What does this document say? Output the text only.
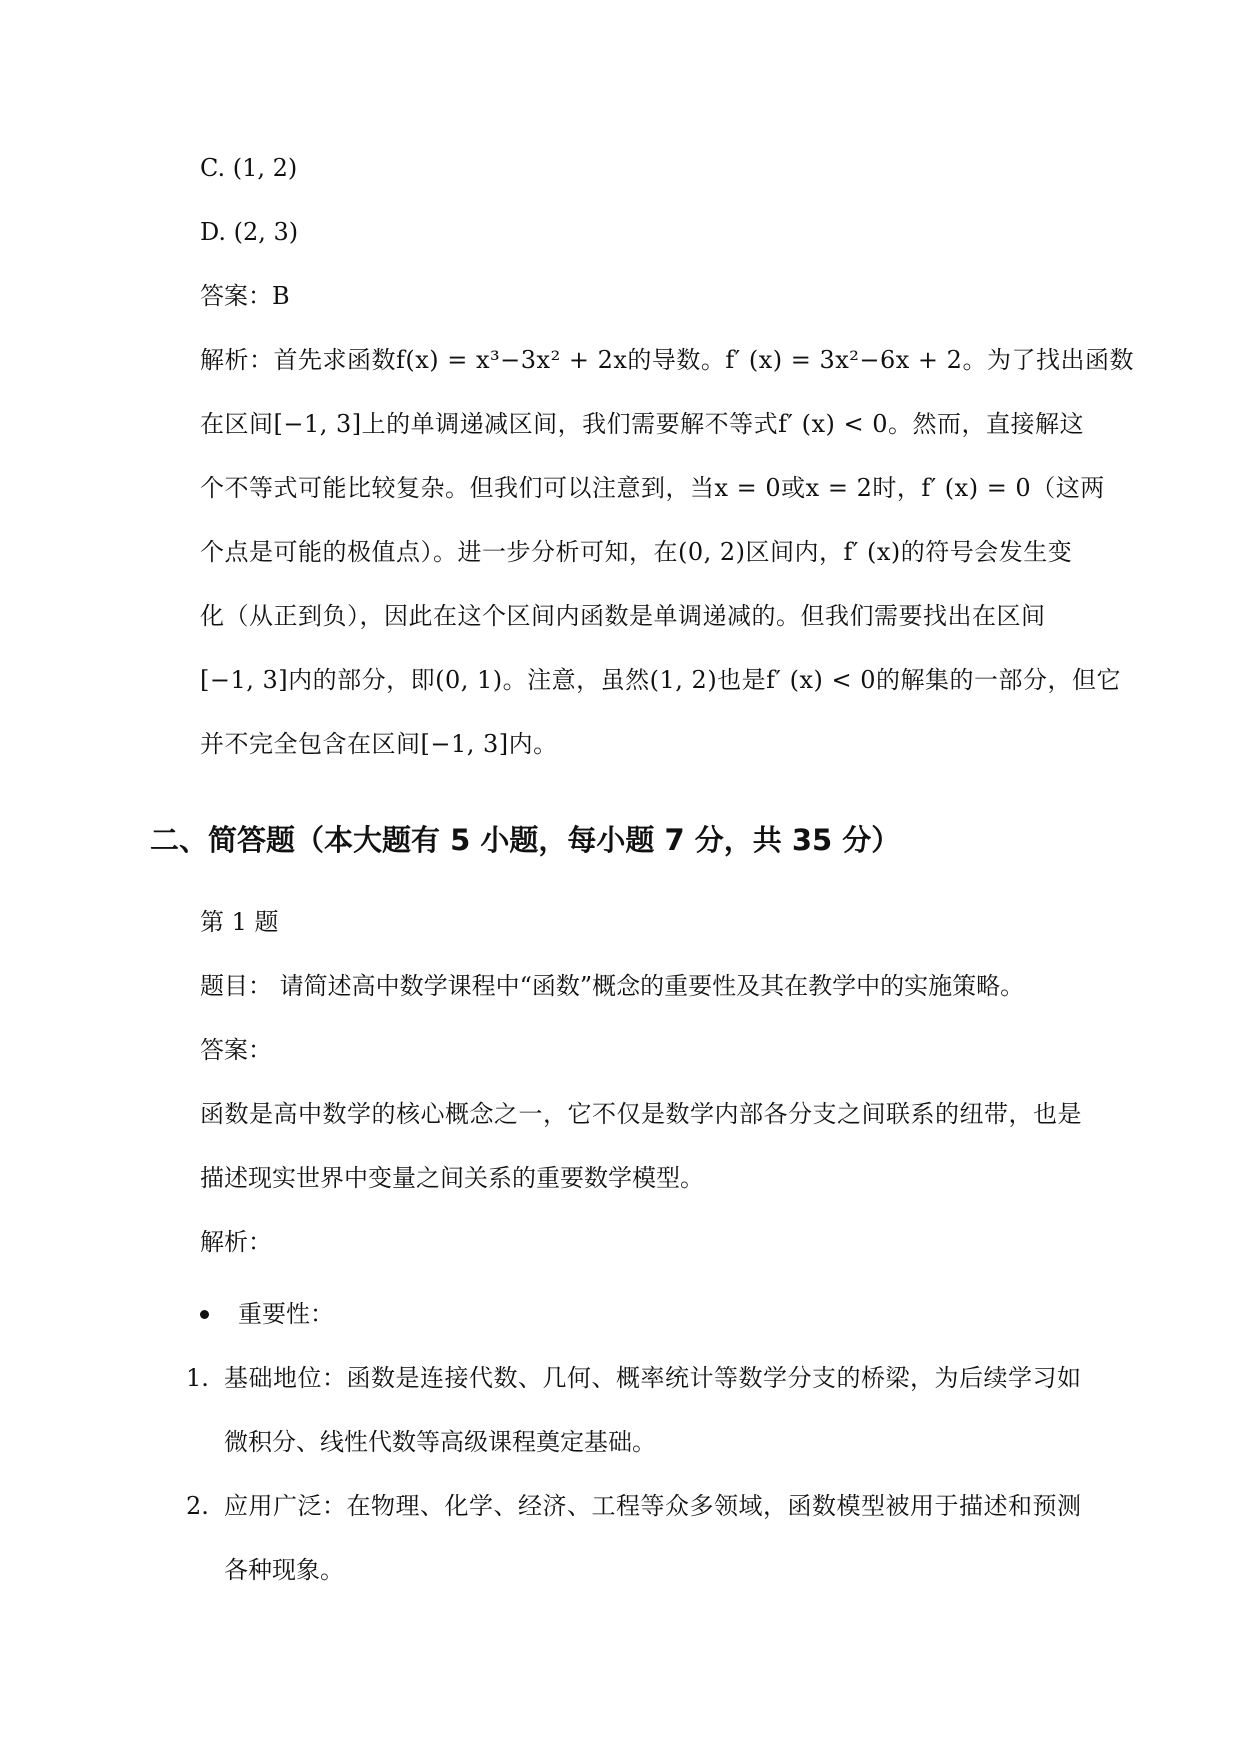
C. (1, 2)
D. (2, 3)
答案：B
解析：首先求函数f(x) = x³−3x² + 2x的导数。f′ (x) = 3x²−6x + 2。为了找出函数
在区间[−1, 3]上的单调递减区间，我们需要解不等式f′ (x) < 0。然而，直接解这
个不等式可能比较复杂。但我们可以注意到，当x = 0或x = 2时，f′ (x) = 0（这两
个点是可能的极值点）。进一步分析可知，在(0, 2)区间内，f′ (x)的符号会发生变
化（从正到负），因此在这个区间内函数是单调递减的。但我们需要找出在区间
[−1, 3]内的部分，即(0, 1)。注意，虽然(1, 2)也是f′ (x) < 0的解集的一部分，但它
并不完全包含在区间[−1, 3]内。
二、简答题（本大题有 5 小题，每小题 7 分，共 35 分）
第 1 题
题目： 请简述高中数学课程中“函数”概念的重要性及其在教学中的实施策略。
答案：
函数是高中数学的核心概念之一，它不仅是数学内部各分支之间联系的纽带，也是
描述现实世界中变量之间关系的重要数学模型。
解析：
重要性：
1. 基础地位：函数是连接代数、几何、概率统计等数学分支的桥梁，为后续学习如
微积分、线性代数等高级课程奠定基础。
2. 应用广泛：在物理、化学、经济、工程等众多领域，函数模型被用于描述和预测
各种现象。
